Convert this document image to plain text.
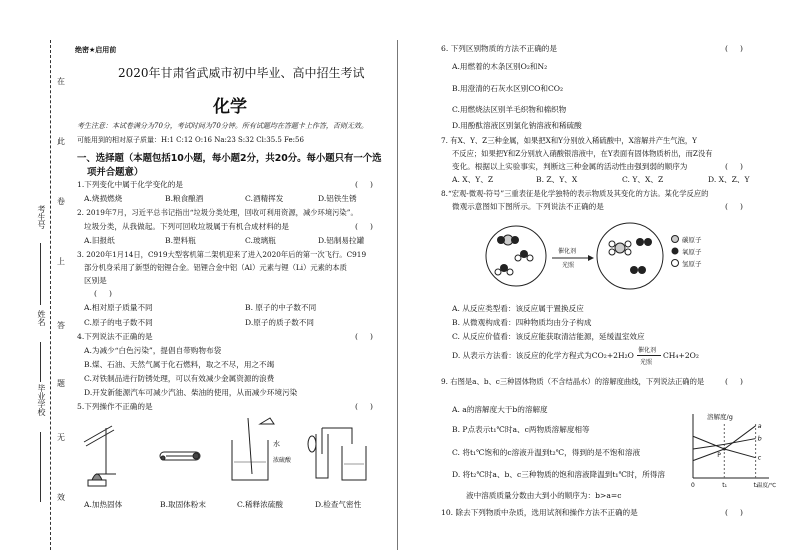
考生号
姓名
毕业学校
在
此
卷
上
答
题
无
效
绝密★启用前
2020年甘肃省武威市初中毕业、高中招生考试
化学
考生注意：本试卷满分为70分，考试时间为70分钟。所有试题均在答题卡上作答，否则无效。
可能用到的相对原子质量：H:1 C:12 O:16 Na:23 S:32 Cl:35.5 Fe:56
一、选择题（本题包括10小题，每小题2分，共20分。每小题只有一个选
项并合题意）
1.下列变化中属于化学变化的是	(     )
A.烧损燃烧	B.粮食酿酒	C.酒精挥发	D.铝铁生锈
2. 2019年7月，习近平总书记指出“垃圾分类处理，回收可利用资源，减少环境污染”。
垃圾分类，从我做起。下列可回收垃圾属于有机合成材料的是	(     )
A.旧报纸	B.塑料瓶	C.玻璃瓶	D.铝制易拉罐
3. 2020年1月14日，C919大型客机第二架机迎来了进入2020年后的第一次飞行。C919
部分机身采用了新型的铝锂合金。铝锂合金中铝（Al）元素与锂（Li）元素的本质
区别是
(     )
A.相对原子质量不同	B. 原子的中子数不同
C.原子的电子数不同	D.原子的质子数不同
4.下列说法不正确的是	(     )
A.为减少“白色污染”，提倡自带购物布袋
B.煤、石油、天然气属于化石燃料，取之不尽，用之不竭
C.对铁制品进行防锈处理，可以有效减少金属资源的浪费
D.开发新能源汽车可减少汽油、柴油的使用，从而减少环境污染
5.下列操作不正确的是	(     )
水
浓硫酸
A.加热固体	B.取固体粉末	C.稀释浓硫酸	D.检查气密性
6. 下列区别物质的方法不正确的是	(     )
A.用燃着的木条区别O₂和N₂
B.用澄清的石灰水区别CO和CO₂
C.用燃烧法区别羊毛织物和棉织物
D.用酚酞溶液区别氯化钠溶液和稀硫酸
7. 有X、Y、Z三种金属，如果把X和Y分别放入稀硫酸中，X溶解并产生气泡，Y
不反应；如果把Y和Z分别放入硝酸银溶液中，在Y表面有固体物质析出，而Z没有
变化。根据以上实验事实，判断这三种金属的活动性由强到弱的顺序为	(     )
A. X、Y、Z	B. Z、Y、X	C. Y、X、Z	D. X、Z、Y
8.“宏观-微观-符号”三重表征是化学独特的表示物质及其变化的方法。某化学反应的
微观示意图如下图所示。下列说法不正确的是	(     )
催化剂
光照
碳原子
氧原子
氢原子
A. 从反应类型看：该反应属于置换反应
B. 从微观构成看：四种物质均由分子构成
C. 从反应价值看：该反应能获取清洁能源，延缓温室效应
D. 从表示方法看：该反应的化学方程式为CO₂+2H₂O
催化剂
光照
CH₄+2O₂
9. 右图是a、b、c三种固体物质（不含结晶水）的溶解度曲线，下列说法正确的是	(     )
A. a的溶解度大于b的溶解度
B. P点表示t₁℃时a、c两物质溶解度相等
C. 将t₁℃饱和的c溶液升温到t₂℃，得到的是不饱和溶液
D. 将t₂℃时a、b、c三种物质的饱和溶液降温到t₁℃时，所得溶
液中溶质质量分数由大到小的顺序为：b>a=c
溶解度/g
温度/℃
0	t₁	t₂
a
b
c
P
10. 除去下列物质中杂质，选用试剂和操作方法不正确的是	(     )
